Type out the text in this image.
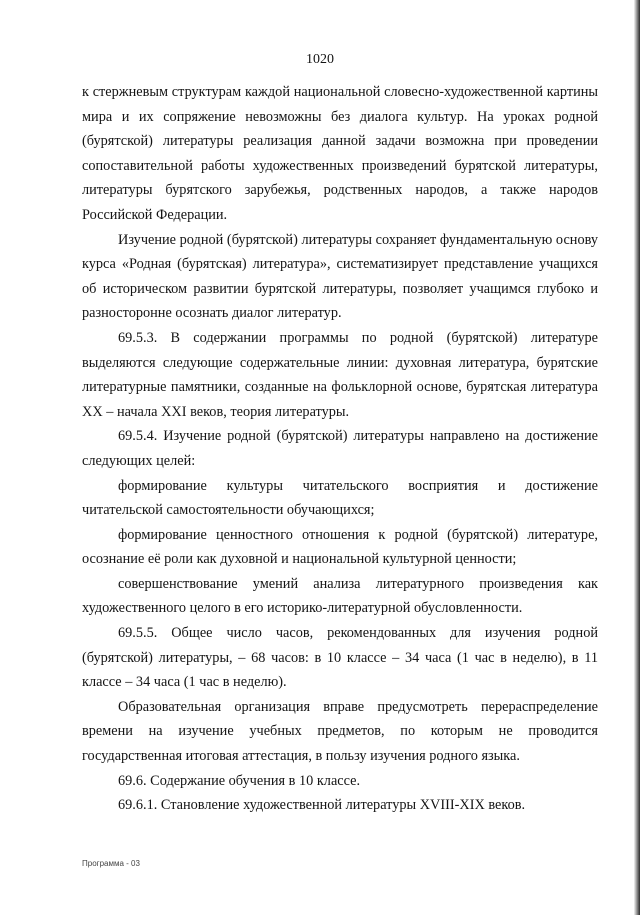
1020

к стержневым структурам каждой национальной словесно-художественной картины мира и их сопряжение невозможны без диалога культур. На уроках родной (бурятской) литературы реализация данной задачи возможна при проведении сопоставительной работы художественных произведений бурятской литературы, литературы бурятского зарубежья, родственных народов, а также народов Российской Федерации.

Изучение родной (бурятской) литературы сохраняет фундаментальную основу курса «Родная (бурятская) литература», систематизирует представление учащихся об историческом развитии бурятской литературы, позволяет учащимся глубоко и разносторонне осознать диалог литератур.

69.5.3. В содержании программы по родной (бурятской) литературе выделяются следующие содержательные линии: духовная литература, бурятские литературные памятники, созданные на фольклорной основе, бурятская литература XX – начала XXI веков, теория литературы.

69.5.4. Изучение родной (бурятской) литературы направлено на достижение следующих целей:

формирование культуры читательского восприятия и достижение читательской самостоятельности обучающихся;

формирование ценностного отношения к родной (бурятской) литературе, осознание её роли как духовной и национальной культурной ценности;

совершенствование умений анализа литературного произведения как художественного целого в его историко-литературной обусловленности.

69.5.5. Общее число часов, рекомендованных для изучения родной (бурятской) литературы, – 68 часов: в 10 классе – 34 часа (1 час в неделю), в 11 классе – 34 часа (1 час в неделю).

Образовательная организация вправе предусмотреть перераспределение времени на изучение учебных предметов, по которым не проводится государственная итоговая аттестация, в пользу изучения родного языка.

69.6. Содержание обучения в 10 классе.

69.6.1. Становление художественной литературы XVIII-XIX веков.

Программа - 03
